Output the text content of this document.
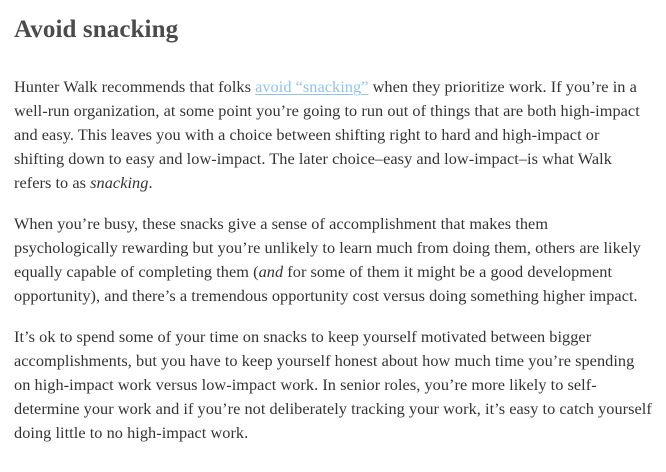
Avoid snacking

Hunter Walk recommends that folks avoid “snacking” when they prioritize work. If you’re in a well-run organization, at some point you’re going to run out of things that are both high-impact and easy. This leaves you with a choice between shifting right to hard and high-impact or shifting down to easy and low-impact. The later choice–easy and low-impact–is what Walk refers to as snacking.

When you’re busy, these snacks give a sense of accomplishment that makes them psychologically rewarding but you’re unlikely to learn much from doing them, others are likely equally capable of completing them (and for some of them it might be a good development opportunity), and there’s a tremendous opportunity cost versus doing something higher impact.

It’s ok to spend some of your time on snacks to keep yourself motivated between bigger accomplishments, but you have to keep yourself honest about how much time you’re spending on high-impact work versus low-impact work. In senior roles, you’re more likely to self-determine your work and if you’re not deliberately tracking your work, it’s easy to catch yourself doing little to no high-impact work.
